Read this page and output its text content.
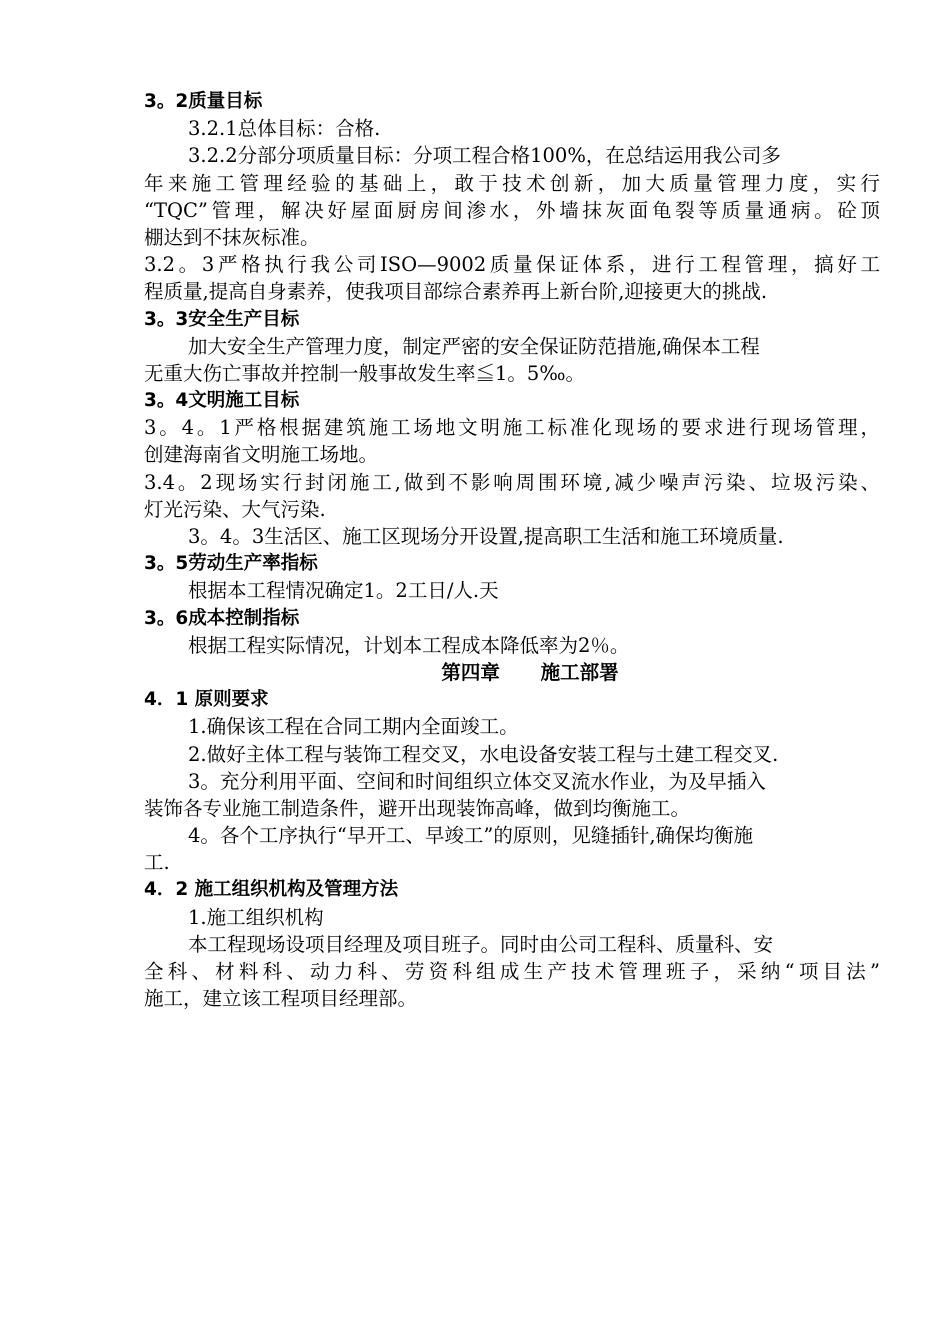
3。2质量目标
3.2.1总体目标：合格.
3.2.2分部分项质量目标：分项工程合格100%，在总结运用我公司多
年来施工管理经验的基础上，敢于技术创新，加大质量管理力度，实行
“TQC”管理，解决好屋面厨房间渗水，外墙抹灰面龟裂等质量通病。砼顶
棚达到不抹灰标准。
3.2。3严格执行我公司ISO—9002质量保证体系，进行工程管理，搞好工
程质量,提高自身素养，使我项目部综合素养再上新台阶,迎接更大的挑战.
3。3安全生产目标
加大安全生产管理力度，制定严密的安全保证防范措施,确保本工程
无重大伤亡事故并控制一般事故发生率≦1。5‰。
3。4文明施工目标
3。4。1严格根据建筑施工场地文明施工标准化现场的要求进行现场管理，
创建海南省文明施工场地。
3.4。2现场实行封闭施工,做到不影响周围环境,减少噪声污染、垃圾污染、
灯光污染、大气污染.
3。4。3生活区、施工区现场分开设置,提高职工生活和施工环境质量.
3。5劳动生产率指标
根据本工程情况确定1。2工日/人.天
3。6成本控制指标
根据工程实际情况，计划本工程成本降低率为2％。
第四章      施工部署
4．1 原则要求
1.确保该工程在合同工期内全面竣工。
2.做好主体工程与装饰工程交叉，水电设备安装工程与土建工程交叉.
3。充分利用平面、空间和时间组织立体交叉流水作业，为及早插入
装饰各专业施工制造条件，避开出现装饰高峰，做到均衡施工。
4。各个工序执行“早开工、早竣工”的原则，见缝插针,确保均衡施
工.
4．2 施工组织机构及管理方法
1.施工组织机构
本工程现场设项目经理及项目班子。同时由公司工程科、质量科、安
全科、材料科、动力科、劳资科组成生产技术管理班子，采纳“项目法”
施工，建立该工程项目经理部。
